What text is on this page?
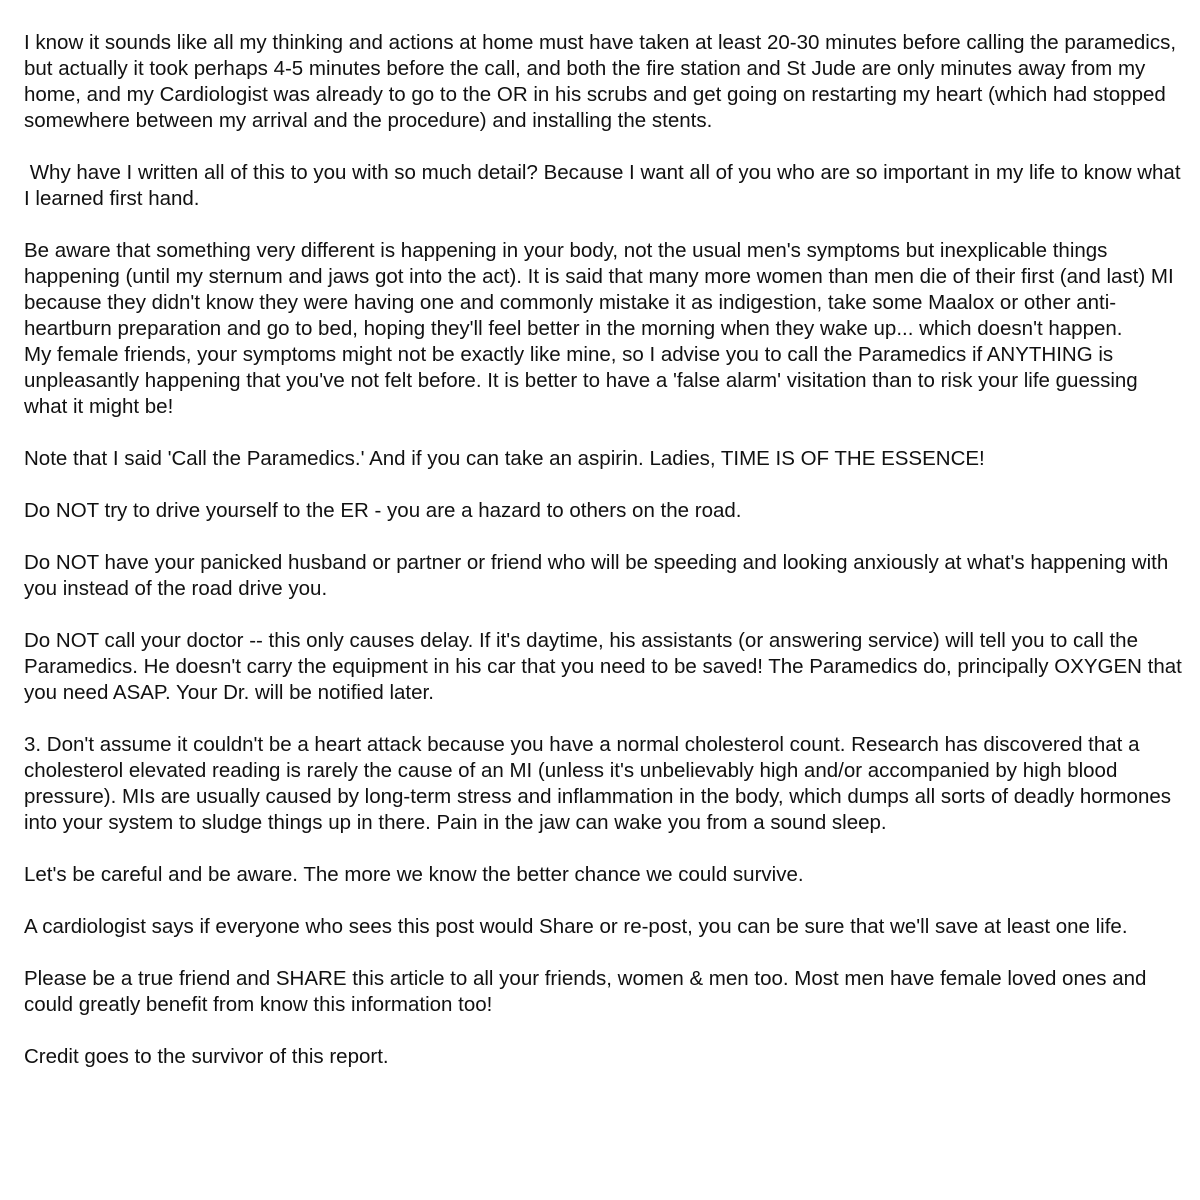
I know it sounds like all my thinking and actions at home must have taken at least 20-30 minutes before calling the paramedics, but actually it took perhaps 4-5 minutes before the call, and both the fire station and St Jude are only minutes away from my home, and my Cardiologist was already to go to the OR in his scrubs and get going on restarting my heart (which had stopped somewhere between my arrival and the procedure) and installing the stents.

Why have I written all of this to you with so much detail? Because I want all of you who are so important in my life to know what I learned first hand.

Be aware that something very different is happening in your body, not the usual men's symptoms but inexplicable things happening (until my sternum and jaws got into the act). It is said that many more women than men die of their first (and last) MI because they didn't know they were having one and commonly mistake it as indigestion, take some Maalox or other anti-heartburn preparation and go to bed, hoping they'll feel better in the morning when they wake up... which doesn't happen.

My female friends, your symptoms might not be exactly like mine, so I advise you to call the Paramedics if ANYTHING is unpleasantly happening that you've not felt before. It is better to have a 'false alarm' visitation than to risk your life guessing what it might be!

Note that I said 'Call the Paramedics.' And if you can take an aspirin. Ladies, TIME IS OF THE ESSENCE!

Do NOT try to drive yourself to the ER - you are a hazard to others on the road.

Do NOT have your panicked husband or partner or friend who will be speeding and looking anxiously at what's happening with you instead of the road drive you.

Do NOT call your doctor -- this only causes delay. If it's daytime, his assistants (or answering service) will tell you to call the Paramedics. He doesn't carry the equipment in his car that you need to be saved! The Paramedics do, principally OXYGEN that you need ASAP. Your Dr. will be notified later.

3. Don't assume it couldn't be a heart attack because you have a normal cholesterol count. Research has discovered that a cholesterol elevated reading is rarely the cause of an MI (unless it's unbelievably high and/or accompanied by high blood pressure). MIs are usually caused by long-term stress and inflammation in the body, which dumps all sorts of deadly hormones into your system to sludge things up in there. Pain in the jaw can wake you from a sound sleep.

Let's be careful and be aware. The more we know the better chance we could survive.

A cardiologist says if everyone who sees this post would Share or re-post, you can be sure that we'll save at least one life.

Please be a true friend and SHARE this article to all your friends, women & men too. Most men have female loved ones and could greatly benefit from know this information too!

Credit goes to the survivor of this report.
